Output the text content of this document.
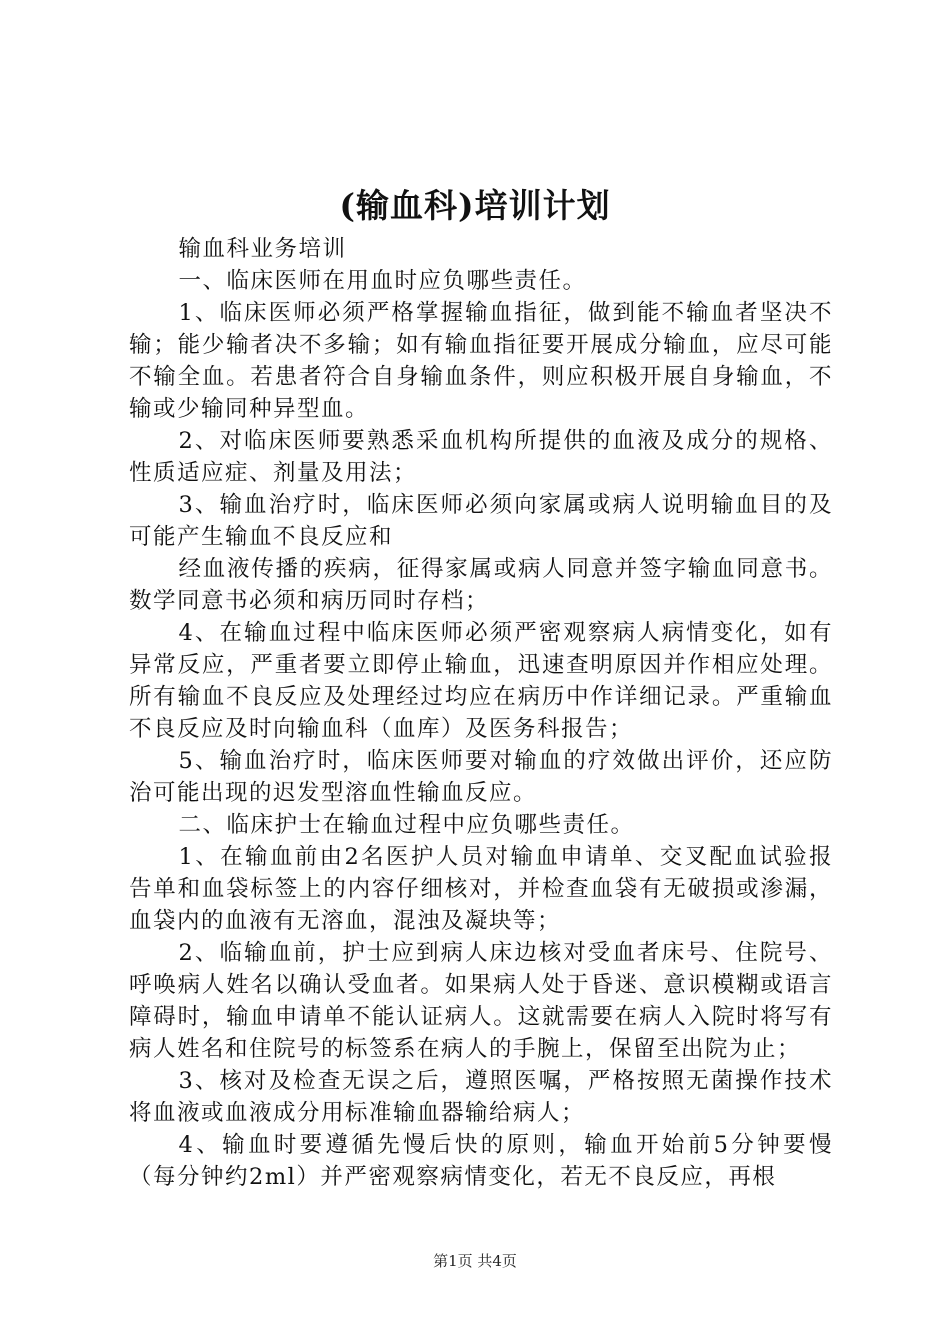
(输血科)培训计划

输血科业务培训

一、临床医师在用血时应负哪些责任。

1、临床医师必须严格掌握输血指征，做到能不输血者坚决不输；能少输者决不多输；如有输血指征要开展成分输血，应尽可能不输全血。若患者符合自身输血条件，则应积极开展自身输血，不输或少输同种异型血。

2、对临床医师要熟悉采血机构所提供的血液及成分的规格、性质适应症、剂量及用法；

3、输血治疗时，临床医师必须向家属或病人说明输血目的及可能产生输血不良反应和

经血液传播的疾病，征得家属或病人同意并签字输血同意书。数学同意书必须和病历同时存档；

4、在输血过程中临床医师必须严密观察病人病情变化，如有异常反应，严重者要立即停止输血，迅速查明原因并作相应处理。所有输血不良反应及处理经过均应在病历中作详细记录。严重输血不良反应及时向输血科（血库）及医务科报告；

5、输血治疗时，临床医师要对输血的疗效做出评价，还应防治可能出现的迟发型溶血性输血反应。

二、临床护士在输血过程中应负哪些责任。

1、在输血前由2名医护人员对输血申请单、交叉配血试验报告单和血袋标签上的内容仔细核对，并检查血袋有无破损或渗漏，血袋内的血液有无溶血，混浊及凝块等；

2、临输血前，护士应到病人床边核对受血者床号、住院号、呼唤病人姓名以确认受血者。如果病人处于昏迷、意识模糊或语言障碍时，输血申请单不能认证病人。这就需要在病人入院时将写有病人姓名和住院号的标签系在病人的手腕上，保留至出院为止；

3、核对及检查无误之后，遵照医嘱，严格按照无菌操作技术将血液或血液成分用标准输血器输给病人；

4、输血时要遵循先慢后快的原则，输血开始前5分钟要慢（每分钟约2ml）并严密观察病情变化，若无不良反应，再根

第1页 共4页
